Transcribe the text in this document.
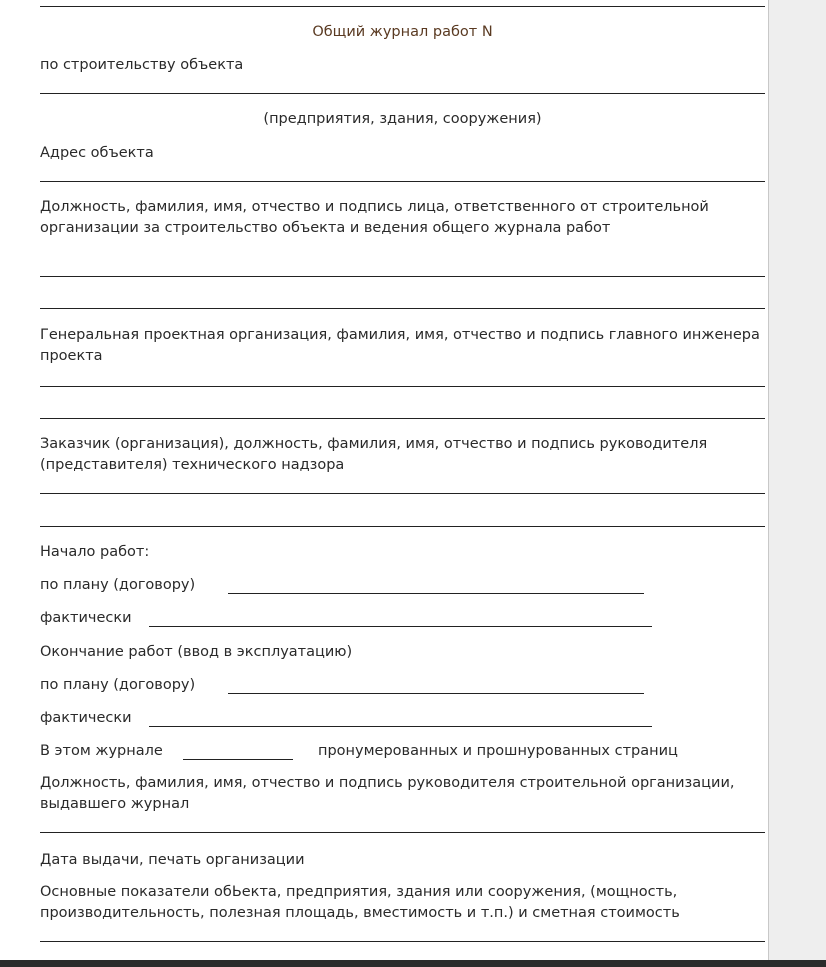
Общий журнал работ N
по строительству объекта
(предприятия, здания, сооружения)
Адрес объекта
Должность, фамилия, имя, отчество и подпись лица, ответственного от строительной организации за строительство объекта и ведения общего журнала работ
Генеральная проектная организация, фамилия, имя, отчество и подпись главного инженера проекта
Заказчик (организация), должность, фамилия, имя, отчество и подпись руководителя (представителя) технического надзора
Начало работ:
по плану (договору)
фактически
Окончание работ (ввод в эксплуатацию)
по плану (договору)
фактически
В этом журнале	пронумерованных и прошнурованных страниц
Должность, фамилия, имя, отчество и подпись руководителя строительной организации, выдавшего журнал
Дата выдачи, печать организации
Основные показатели обЬекта, предприятия, здания или сооружения, (мощность, производительность, полезная площадь, вместимость и т.п.) и сметная стоимость
